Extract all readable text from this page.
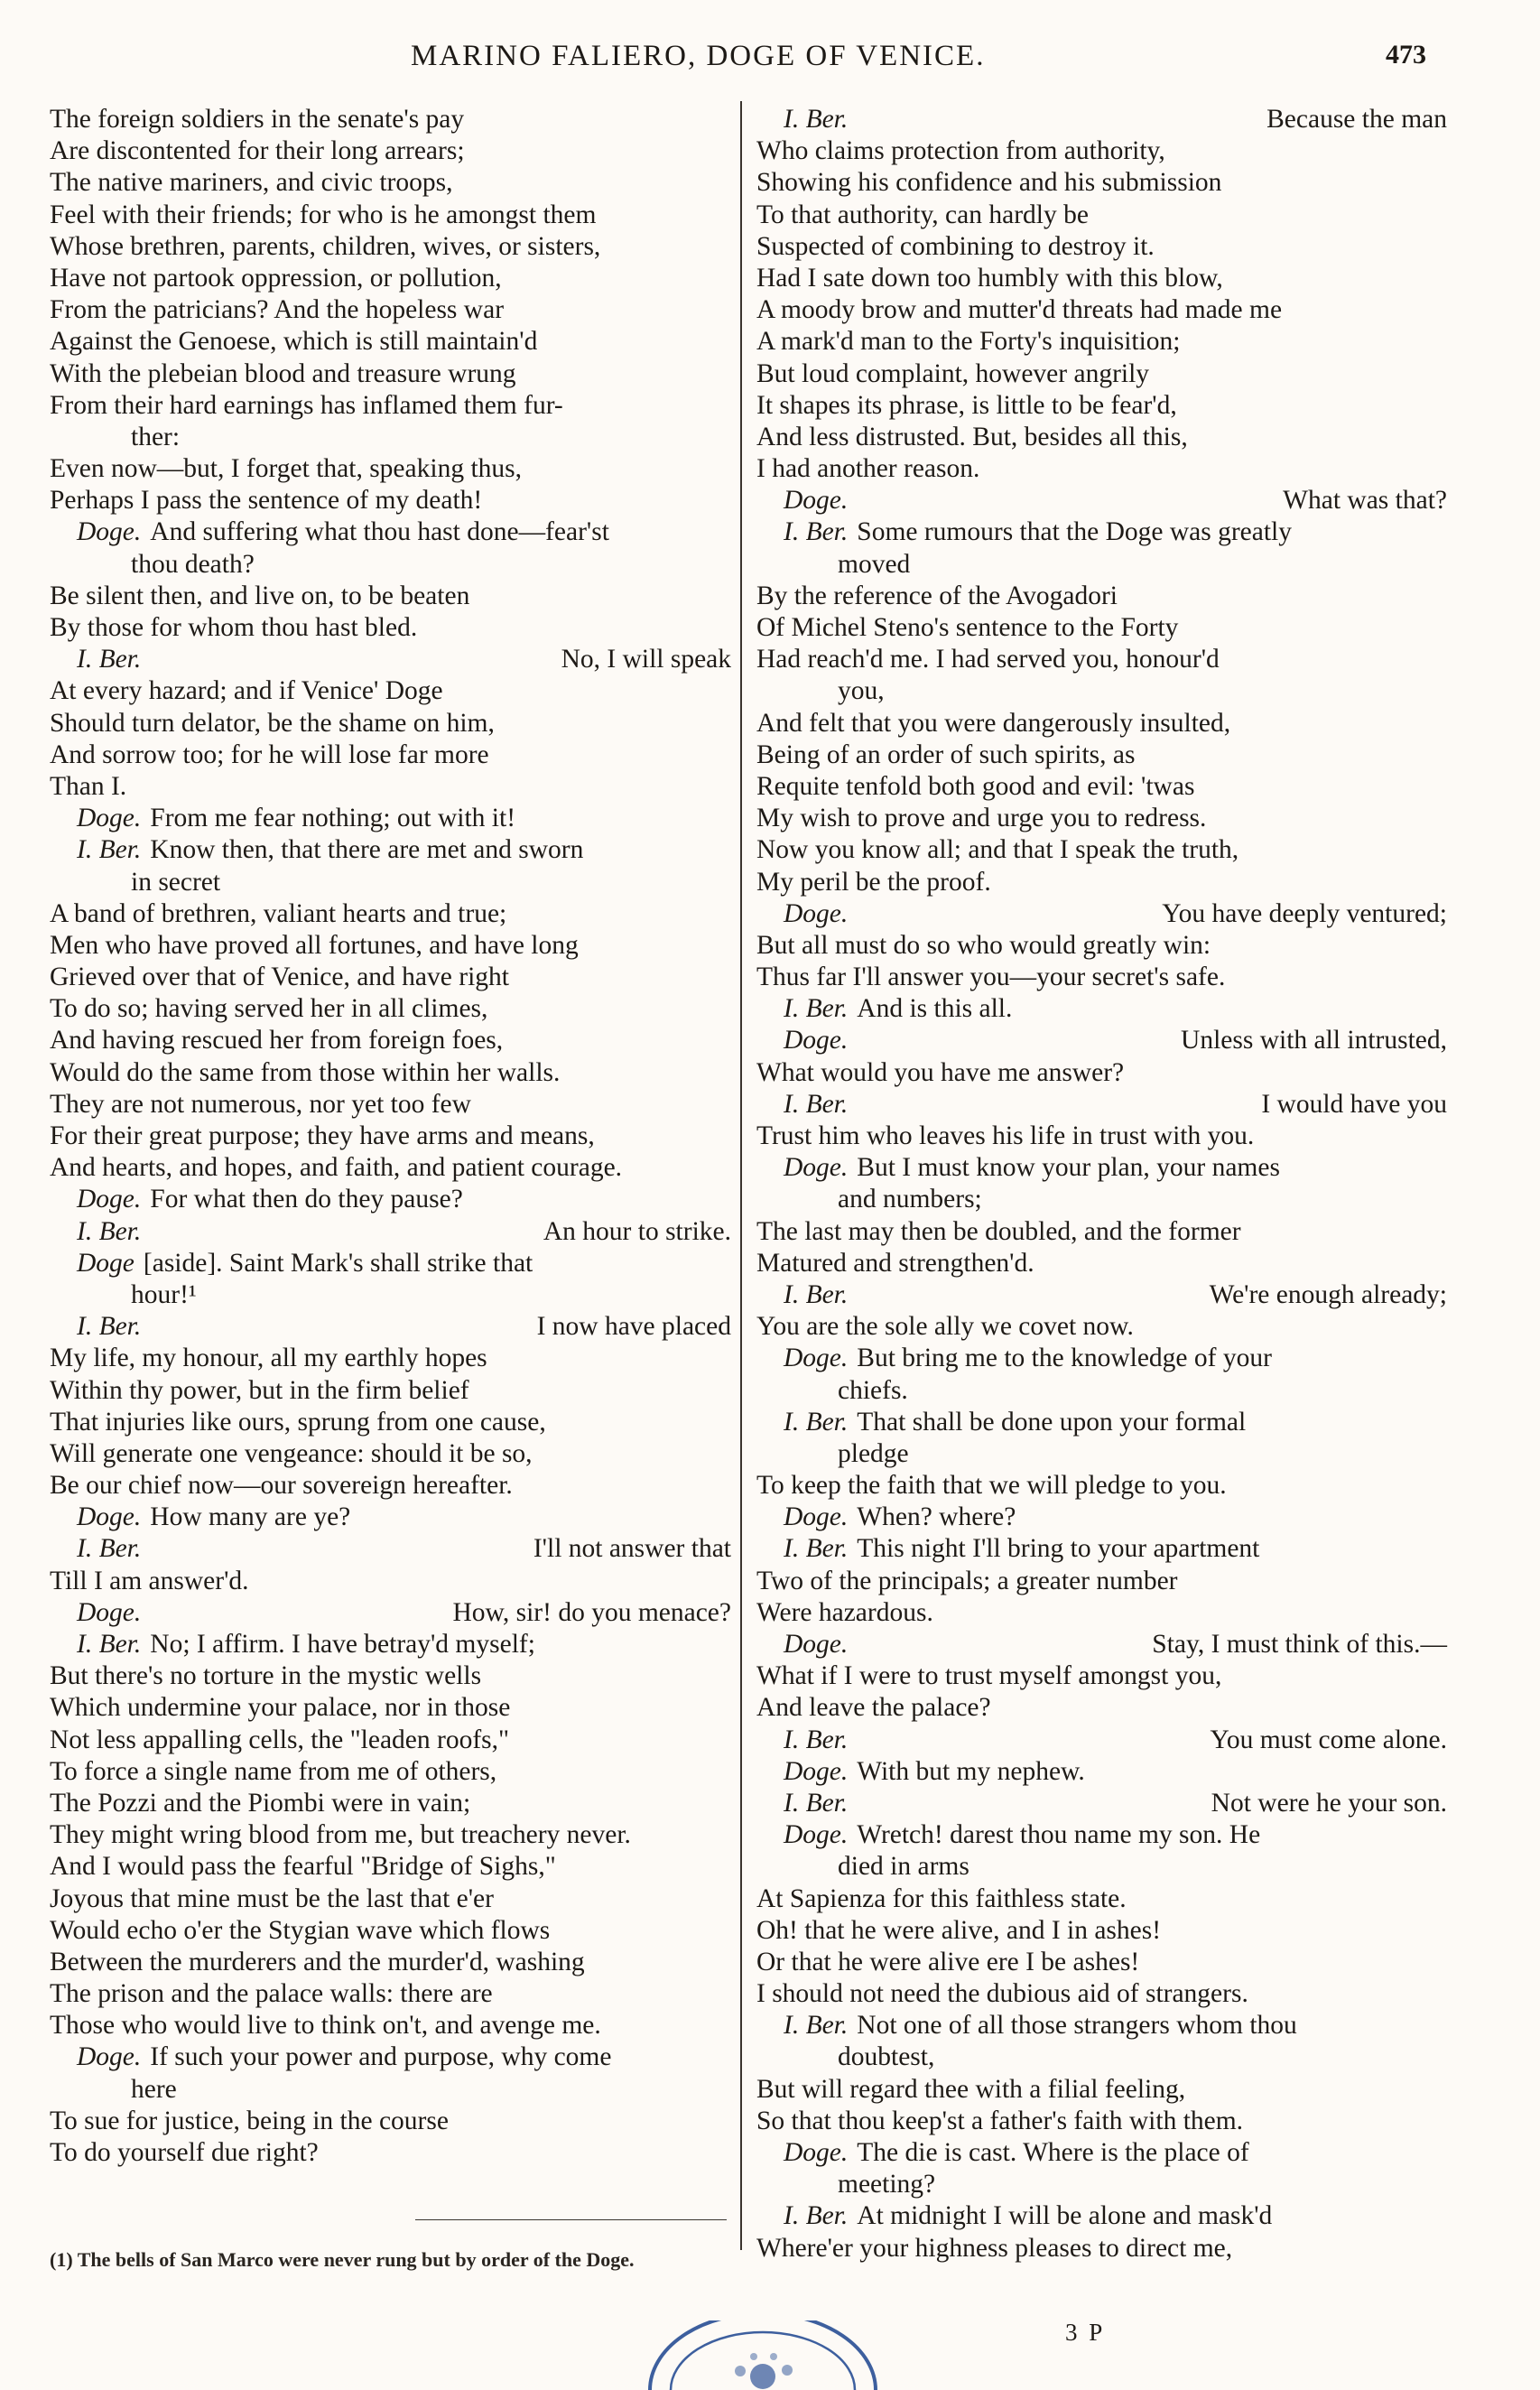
MARINO FALIERO, DOGE OF VENICE.	473
The foreign soldiers in the senate's pay
Are discontented for their long arrears;
The native mariners, and civic troops,
Feel with their friends; for who is he amongst them
Whose brethren, parents, children, wives, or sisters,
Have not partook oppression, or pollution,
From the patricians? And the hopeless war
Against the Genoese, which is still maintain'd
With the plebeian blood and treasure wrung
From their hard earnings has inflamed them fur-
ther:
Even now—but, I forget that, speaking thus,
Perhaps I pass the sentence of my death!
Doge. And suffering what thou hast done—fear'st
thou death?
Be silent then, and live on, to be beaten
By those for whom thou hast bled.
I. Ber.	No, I will speak
At every hazard; and if Venice' Doge
Should turn delator, be the shame on him,
And sorrow too; for he will lose far more
Than I.
Doge. From me fear nothing; out with it!
I. Ber. Know then, that there are met and sworn
in secret
A band of brethren, valiant hearts and true;
Men who have proved all fortunes, and have long
Grieved over that of Venice, and have right
To do so; having served her in all climes,
And having rescued her from foreign foes,
Would do the same from those within her walls.
They are not numerous, nor yet too few
For their great purpose; they have arms and means,
And hearts, and hopes, and faith, and patient courage.
Doge. For what then do they pause?
I. Ber.	An hour to strike.
Doge [aside]. Saint Mark's shall strike that
hour!¹
I. Ber.	I now have placed
My life, my honour, all my earthly hopes
Within thy power, but in the firm belief
That injuries like ours, sprung from one cause,
Will generate one vengeance: should it be so,
Be our chief now—our sovereign hereafter.
Doge. How many are ye?
I. Ber.	I'll not answer that
Till I am answer'd.
Doge.	How, sir! do you menace?
I. Ber. No; I affirm. I have betray'd myself;
But there's no torture in the mystic wells
Which undermine your palace, nor in those
Not less appalling cells, the "leaden roofs,"
To force a single name from me of others,
The Pozzi and the Piombi were in vain;
They might wring blood from me, but treachery never.
And I would pass the fearful "Bridge of Sighs,"
Joyous that mine must be the last that e'er
Would echo o'er the Stygian wave which flows
Between the murderers and the murder'd, washing
The prison and the palace walls: there are
Those who would live to think on't, and avenge me.
Doge. If such your power and purpose, why come
here
To sue for justice, being in the course
To do yourself due right?
I. Ber.	Because the man
Who claims protection from authority,
Showing his confidence and his submission
To that authority, can hardly be
Suspected of combining to destroy it.
Had I sate down too humbly with this blow,
A moody brow and mutter'd threats had made me
A mark'd man to the Forty's inquisition;
But loud complaint, however angrily
It shapes its phrase, is little to be fear'd,
And less distrusted. But, besides all this,
I had another reason.
Doge.	What was that?
I. Ber. Some rumours that the Doge was greatly
moved
By the reference of the Avogadori
Of Michel Steno's sentence to the Forty
Had reach'd me. I had served you, honour'd
you,
And felt that you were dangerously insulted,
Being of an order of such spirits, as
Requite tenfold both good and evil: 'twas
My wish to prove and urge you to redress.
Now you know all; and that I speak the truth,
My peril be the proof.
Doge.	You have deeply ventured;
But all must do so who would greatly win:
Thus far I'll answer you—your secret's safe.
I. Ber. And is this all.
Doge.	Unless with all intrusted,
What would you have me answer?
I. Ber.	I would have you
Trust him who leaves his life in trust with you.
Doge. But I must know your plan, your names
and numbers;
The last may then be doubled, and the former
Matured and strengthen'd.
I. Ber.	We're enough already;
You are the sole ally we covet now.
Doge. But bring me to the knowledge of your
chiefs.
I. Ber. That shall be done upon your formal
pledge
To keep the faith that we will pledge to you.
Doge. When? where?
I. Ber. This night I'll bring to your apartment
Two of the principals; a greater number
Were hazardous.
Doge.	Stay, I must think of this.—
What if I were to trust myself amongst you,
And leave the palace?
I. Ber.	You must come alone.
Doge. With but my nephew.
I. Ber.	Not were he your son.
Doge. Wretch! darest thou name my son. He
died in arms
At Sapienza for this faithless state.
Oh! that he were alive, and I in ashes!
Or that he were alive ere I be ashes!
I should not need the dubious aid of strangers.
I. Ber. Not one of all those strangers whom thou
doubtest,
But will regard thee with a filial feeling,
So that thou keep'st a father's faith with them.
Doge. The die is cast. Where is the place of
meeting?
I. Ber. At midnight I will be alone and mask'd
Where'er your highness pleases to direct me,
(1) The bells of San Marco were never rung but by order of the Doge.
3 P
